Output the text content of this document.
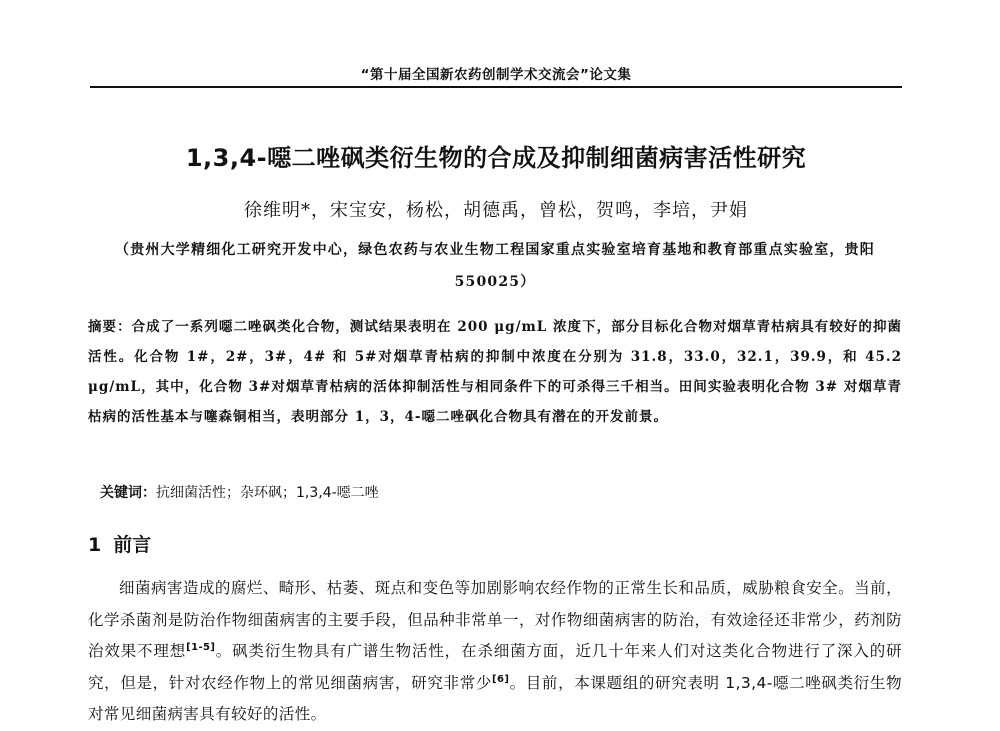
“第十届全国新农药创制学术交流会”论文集
1,3,4-噁二唑砜类衍生物的合成及抑制细菌病害活性研究
徐维明*，宋宝安，杨松，胡德禹，曾松，贺鸣，李培，尹娟
（贵州大学精细化工研究开发中心，绿色农药与农业生物工程国家重点实验室培育基地和教育部重点实验室，贵阳 550025）
摘要：合成了一系列噁二唑砜类化合物，测试结果表明在 200 μg/mL 浓度下，部分目标化合物对烟草青枯病具有较好的抑菌活性。化合物 1#，2#，3#，4# 和 5#对烟草青枯病的抑制中浓度在分别为 31.8，33.0，32.1，39.9，和 45.2 μg/mL，其中，化合物 3#对烟草青枯病的活体抑制活性与相同条件下的可杀得三千相当。田间实验表明化合物 3# 对烟草青枯病的活性基本与噻森铜相当，表明部分 1，3，4-噁二唑砜化合物具有潜在的开发前景。
关键词：抗细菌活性；杂环砜；1,3,4-噁二唑
1 前言
细菌病害造成的腐烂、畸形、枯萎、斑点和变色等加剧影响农经作物的正常生长和品质，威胁粮食安全。当前，化学杀菌剂是防治作物细菌病害的主要手段，但品种非常单一，对作物细菌病害的防治，有效途径还非常少，药剂防治效果不理想[1-5]。砜类衍生物具有广谱生物活性，在杀细菌方面，近几十年来人们对这类化合物进行了深入的研究，但是，针对农经作物上的常见细菌病害，研究非常少[6]。目前，本课题组的研究表明 1,3,4-噁二唑砜类衍生物对常见细菌病害具有较好的活性。
